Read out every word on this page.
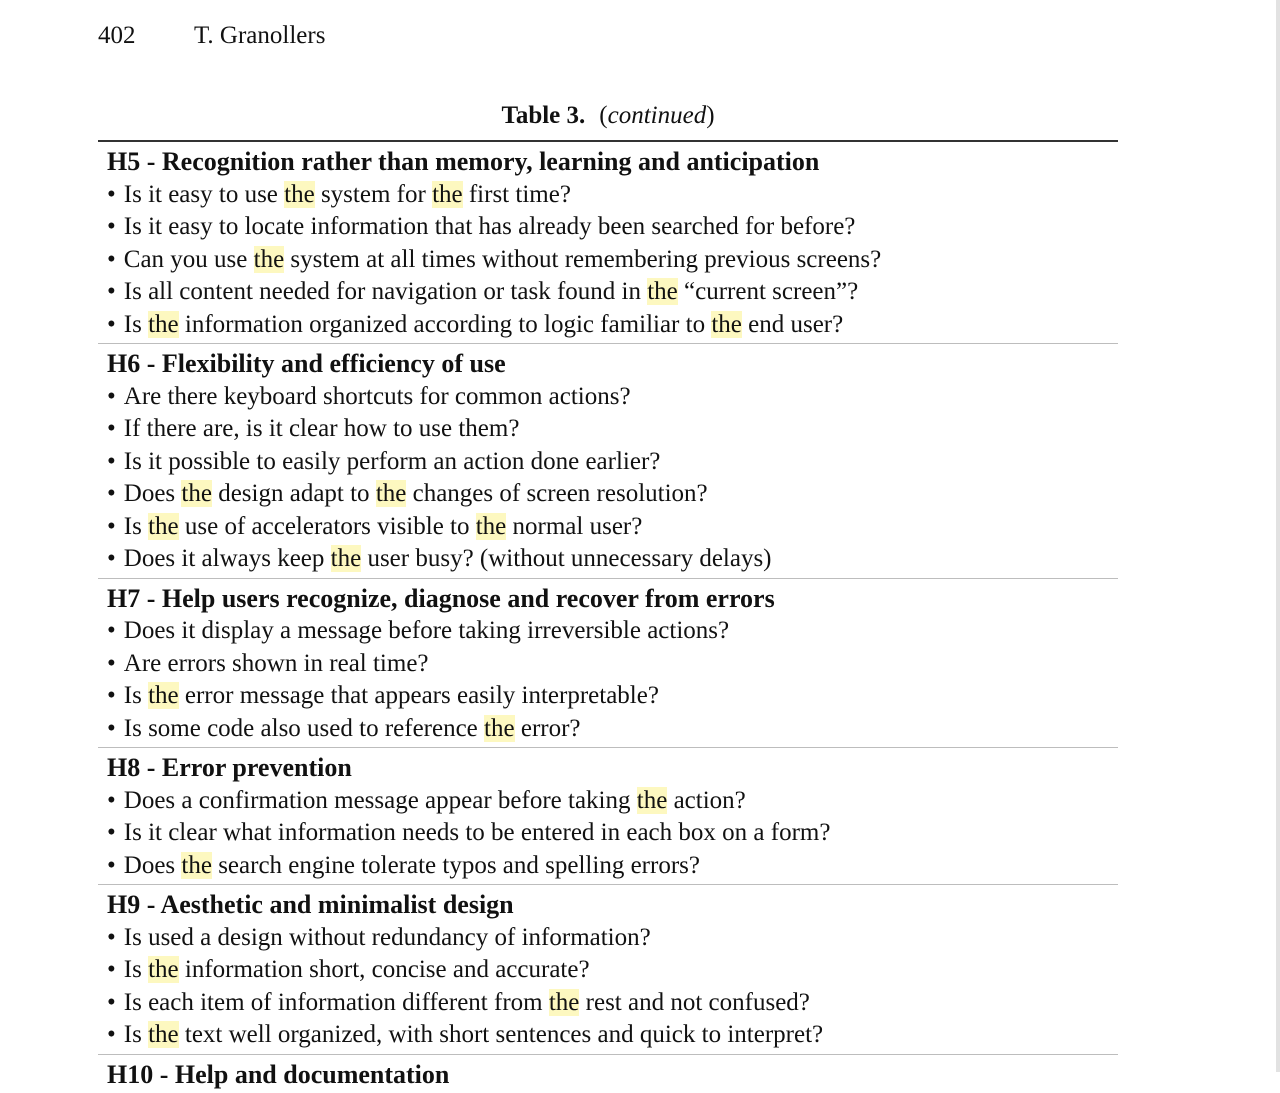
402 T. Granollers
Table 3. (continued)
H5 - Recognition rather than memory, learning and anticipation
• Is it easy to use the system for the first time?
• Is it easy to locate information that has already been searched for before?
• Can you use the system at all times without remembering previous screens?
• Is all content needed for navigation or task found in the “current screen”?
• Is the information organized according to logic familiar to the end user?
H6 - Flexibility and efficiency of use
• Are there keyboard shortcuts for common actions?
• If there are, is it clear how to use them?
• Is it possible to easily perform an action done earlier?
• Does the design adapt to the changes of screen resolution?
• Is the use of accelerators visible to the normal user?
• Does it always keep the user busy? (without unnecessary delays)
H7 - Help users recognize, diagnose and recover from errors
• Does it display a message before taking irreversible actions?
• Are errors shown in real time?
• Is the error message that appears easily interpretable?
• Is some code also used to reference the error?
H8 - Error prevention
• Does a confirmation message appear before taking the action?
• Is it clear what information needs to be entered in each box on a form?
• Does the search engine tolerate typos and spelling errors?
H9 - Aesthetic and minimalist design
• Is used a design without redundancy of information?
• Is the information short, concise and accurate?
• Is each item of information different from the rest and not confused?
• Is the text well organized, with short sentences and quick to interpret?
H10 - Help and documentation
